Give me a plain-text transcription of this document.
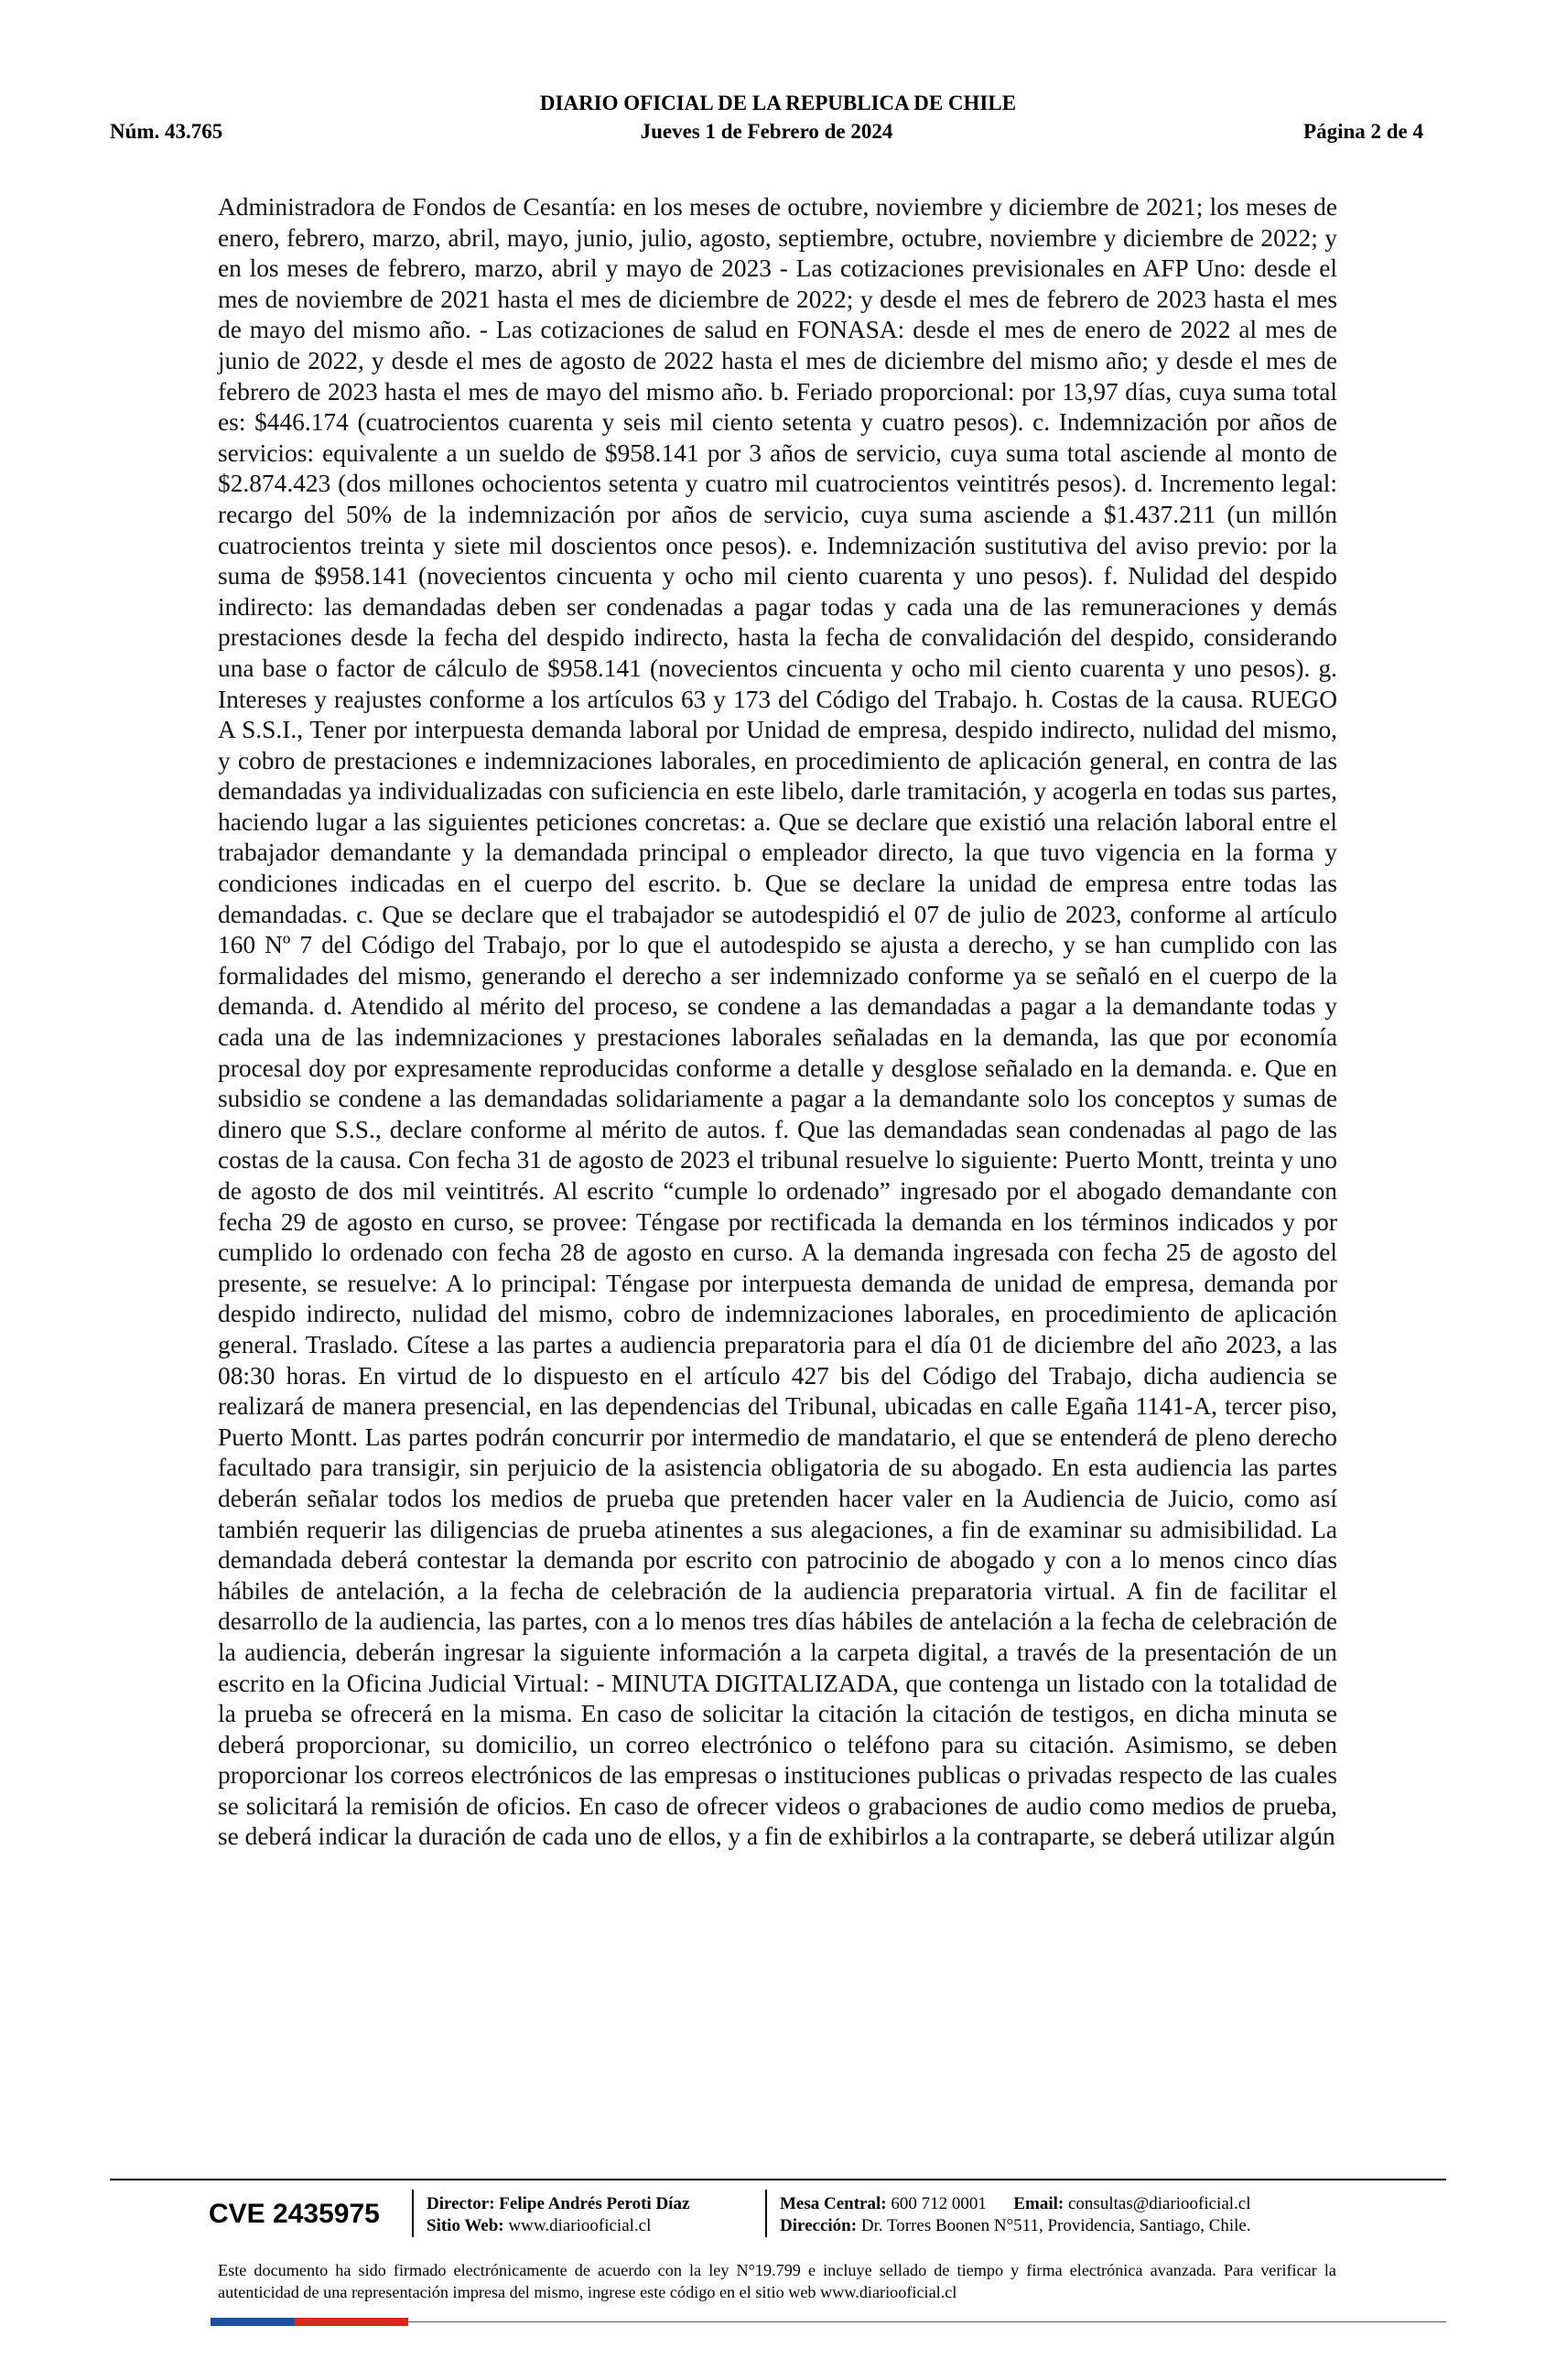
DIARIO OFICIAL DE LA REPUBLICA DE CHILE
Núm. 43.765	Jueves 1 de Febrero de 2024	Página 2 de 4

Administradora de Fondos de Cesantía: en los meses de octubre, noviembre y diciembre de 2021; los meses de enero, febrero, marzo, abril, mayo, junio, julio, agosto, septiembre, octubre, noviembre y diciembre de 2022; y en los meses de febrero, marzo, abril y mayo de 2023 - Las cotizaciones previsionales en AFP Uno: desde el mes de noviembre de 2021 hasta el mes de diciembre de 2022; y desde el mes de febrero de 2023 hasta el mes de mayo del mismo año. - Las cotizaciones de salud en FONASA: desde el mes de enero de 2022 al mes de junio de 2022, y desde el mes de agosto de 2022 hasta el mes de diciembre del mismo año; y desde el mes de febrero de 2023 hasta el mes de mayo del mismo año. b. Feriado proporcional: por 13,97 días, cuya suma total es: $446.174 (cuatrocientos cuarenta y seis mil ciento setenta y cuatro pesos). c. Indemnización por años de servicios: equivalente a un sueldo de $958.141 por 3 años de servicio, cuya suma total asciende al monto de $2.874.423 (dos millones ochocientos setenta y cuatro mil cuatrocientos veintitrés pesos). d. Incremento legal: recargo del 50% de la indemnización por años de servicio, cuya suma asciende a $1.437.211 (un millón cuatrocientos treinta y siete mil doscientos once pesos). e. Indemnización sustitutiva del aviso previo: por la suma de $958.141 (novecientos cincuenta y ocho mil ciento cuarenta y uno pesos). f. Nulidad del despido indirecto: las demandadas deben ser condenadas a pagar todas y cada una de las remuneraciones y demás prestaciones desde la fecha del despido indirecto, hasta la fecha de convalidación del despido, considerando una base o factor de cálculo de $958.141 (novecientos cincuenta y ocho mil ciento cuarenta y uno pesos). g. Intereses y reajustes conforme a los artículos 63 y 173 del Código del Trabajo. h. Costas de la causa. RUEGO A S.S.I., Tener por interpuesta demanda laboral por Unidad de empresa, despido indirecto, nulidad del mismo, y cobro de prestaciones e indemnizaciones laborales, en procedimiento de aplicación general, en contra de las demandadas ya individualizadas con suficiencia en este libelo, darle tramitación, y acogerla en todas sus partes, haciendo lugar a las siguientes peticiones concretas: a. Que se declare que existió una relación laboral entre el trabajador demandante y la demandada principal o empleador directo, la que tuvo vigencia en la forma y condiciones indicadas en el cuerpo del escrito. b. Que se declare la unidad de empresa entre todas las demandadas. c. Que se declare que el trabajador se autodespidió el 07 de julio de 2023, conforme al artículo 160 Nº 7 del Código del Trabajo, por lo que el autodespido se ajusta a derecho, y se han cumplido con las formalidades del mismo, generando el derecho a ser indemnizado conforme ya se señaló en el cuerpo de la demanda. d. Atendido al mérito del proceso, se condene a las demandadas a pagar a la demandante todas y cada una de las indemnizaciones y prestaciones laborales señaladas en la demanda, las que por economía procesal doy por expresamente reproducidas conforme a detalle y desglose señalado en la demanda. e. Que en subsidio se condene a las demandadas solidariamente a pagar a la demandante solo los conceptos y sumas de dinero que S.S., declare conforme al mérito de autos. f. Que las demandadas sean condenadas al pago de las costas de la causa. Con fecha 31 de agosto de 2023 el tribunal resuelve lo siguiente: Puerto Montt, treinta y uno de agosto de dos mil veintitrés. Al escrito “cumple lo ordenado” ingresado por el abogado demandante con fecha 29 de agosto en curso, se provee: Téngase por rectificada la demanda en los términos indicados y por cumplido lo ordenado con fecha 28 de agosto en curso. A la demanda ingresada con fecha 25 de agosto del presente, se resuelve: A lo principal: Téngase por interpuesta demanda de unidad de empresa, demanda por despido indirecto, nulidad del mismo, cobro de indemnizaciones laborales, en procedimiento de aplicación general. Traslado. Cítese a las partes a audiencia preparatoria para el día 01 de diciembre del año 2023, a las 08:30 horas. En virtud de lo dispuesto en el artículo 427 bis del Código del Trabajo, dicha audiencia se realizará de manera presencial, en las dependencias del Tribunal, ubicadas en calle Egaña 1141-A, tercer piso, Puerto Montt. Las partes podrán concurrir por intermedio de mandatario, el que se entenderá de pleno derecho facultado para transigir, sin perjuicio de la asistencia obligatoria de su abogado. En esta audiencia las partes deberán señalar todos los medios de prueba que pretenden hacer valer en la Audiencia de Juicio, como así también requerir las diligencias de prueba atinentes a sus alegaciones, a fin de examinar su admisibilidad. La demandada deberá contestar la demanda por escrito con patrocinio de abogado y con a lo menos cinco días hábiles de antelación, a la fecha de celebración de la audiencia preparatoria virtual. A fin de facilitar el desarrollo de la audiencia, las partes, con a lo menos tres días hábiles de antelación a la fecha de celebración de la audiencia, deberán ingresar la siguiente información a la carpeta digital, a través de la presentación de un escrito en la Oficina Judicial Virtual: - MINUTA DIGITALIZADA, que contenga un listado con la totalidad de la prueba se ofrecerá en la misma. En caso de solicitar la citación la citación de testigos, en dicha minuta se deberá proporcionar, su domicilio, un correo electrónico o teléfono para su citación. Asimismo, se deben proporcionar los correos electrónicos de las empresas o instituciones publicas o privadas respecto de las cuales se solicitará la remisión de oficios. En caso de ofrecer videos o grabaciones de audio como medios de prueba, se deberá indicar la duración de cada uno de ellos, y a fin de exhibirlos a la contraparte, se deberá utilizar algún

CVE 2435975	Director: Felipe Andrés Peroti Díaz
Sitio Web: www.diariooficial.cl
Mesa Central: 600 712 0001 Email: consultas@diariooficial.cl
Dirección: Dr. Torres Boonen N°511, Providencia, Santiago, Chile.

Este documento ha sido firmado electrónicamente de acuerdo con la ley N°19.799 e incluye sellado de tiempo y firma electrónica avanzada. Para verificar la autenticidad de una representación impresa del mismo, ingrese este código en el sitio web www.diariooficial.cl
